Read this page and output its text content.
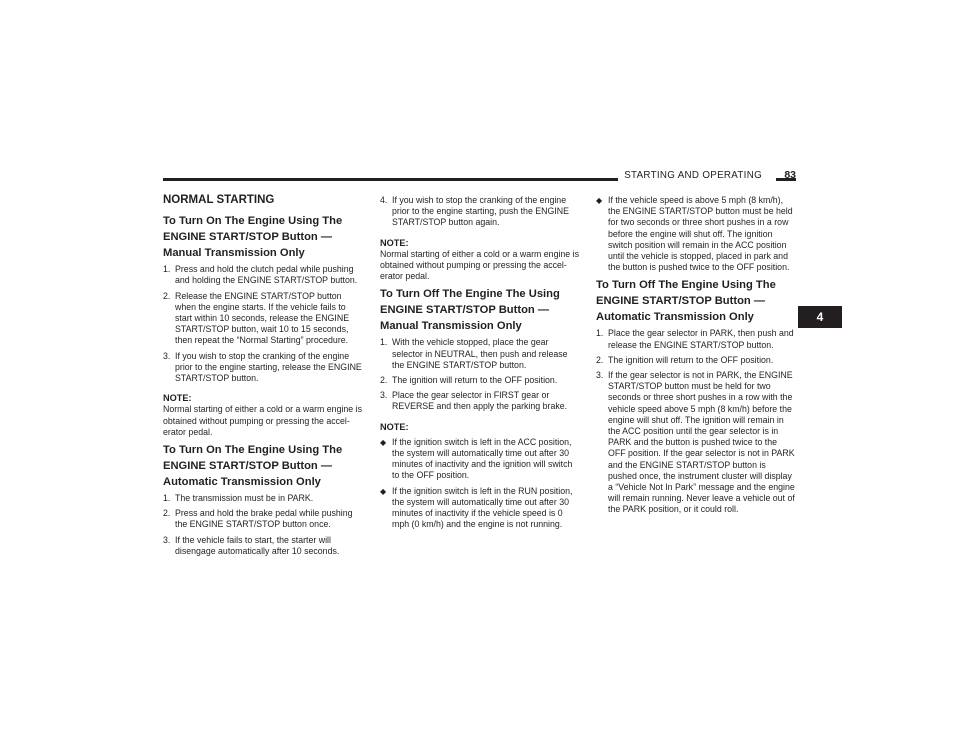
STARTING AND OPERATING	83
4
NORMAL STARTING
To Turn On The Engine Using The ENGINE START/STOP Button — Manual Transmission Only
1. Press and hold the clutch pedal while pushing and holding the ENGINE START/STOP button.
2. Release the ENGINE START/STOP button when the engine starts. If the vehicle fails to start within 10 seconds, release the ENGINE START/STOP button, wait 10 to 15 seconds, then repeat the “Normal Starting” procedure.
3. If you wish to stop the cranking of the engine prior to the engine starting, release the ENGINE START/STOP button.
NOTE:
Normal starting of either a cold or a warm engine is obtained without pumping or pressing the accel-erator pedal.
To Turn On The Engine Using The ENGINE START/STOP Button — Automatic Transmission Only
1. The transmission must be in PARK.
2. Press and hold the brake pedal while pushing the ENGINE START/STOP button once.
3. If the vehicle fails to start, the starter will disengage automatically after 10 seconds.
4. If you wish to stop the cranking of the engine prior to the engine starting, push the ENGINE START/STOP button again.
NOTE:
Normal starting of either a cold or a warm engine is obtained without pumping or pressing the accel-erator pedal.
To Turn Off The Engine The Using ENGINE START/STOP Button — Manual Transmission Only
1. With the vehicle stopped, place the gear selector in NEUTRAL, then push and release the ENGINE START/STOP button.
2. The ignition will return to the OFF position.
3. Place the gear selector in FIRST gear or REVERSE and then apply the parking brake.
NOTE:
◆ If the ignition switch is left in the ACC position, the system will automatically time out after 30 minutes of inactivity and the ignition will switch to the OFF position.
◆ If the ignition switch is left in the RUN position, the system will automatically time out after 30 minutes of inactivity if the vehicle speed is 0 mph (0 km/h) and the engine is not running.
◆ If the vehicle speed is above 5 mph (8 km/h), the ENGINE START/STOP button must be held for two seconds or three short pushes in a row before the engine will shut off. The ignition switch position will remain in the ACC position until the vehicle is stopped, placed in park and the button is pushed twice to the OFF position.
To Turn Off The Engine Using The ENGINE START/STOP Button — Automatic Transmission Only
1. Place the gear selector in PARK, then push and release the ENGINE START/STOP button.
2. The ignition will return to the OFF position.
3. If the gear selector is not in PARK, the ENGINE START/STOP button must be held for two seconds or three short pushes in a row with the vehicle speed above 5 mph (8 km/h) before the engine will shut off. The ignition will remain in the ACC position until the gear selector is in PARK and the button is pushed twice to the OFF position. If the gear selector is not in PARK and the ENGINE START/STOP button is pushed once, the instrument cluster will display a “Vehicle Not In Park” message and the engine will remain running. Never leave a vehicle out of the PARK position, or it could roll.
